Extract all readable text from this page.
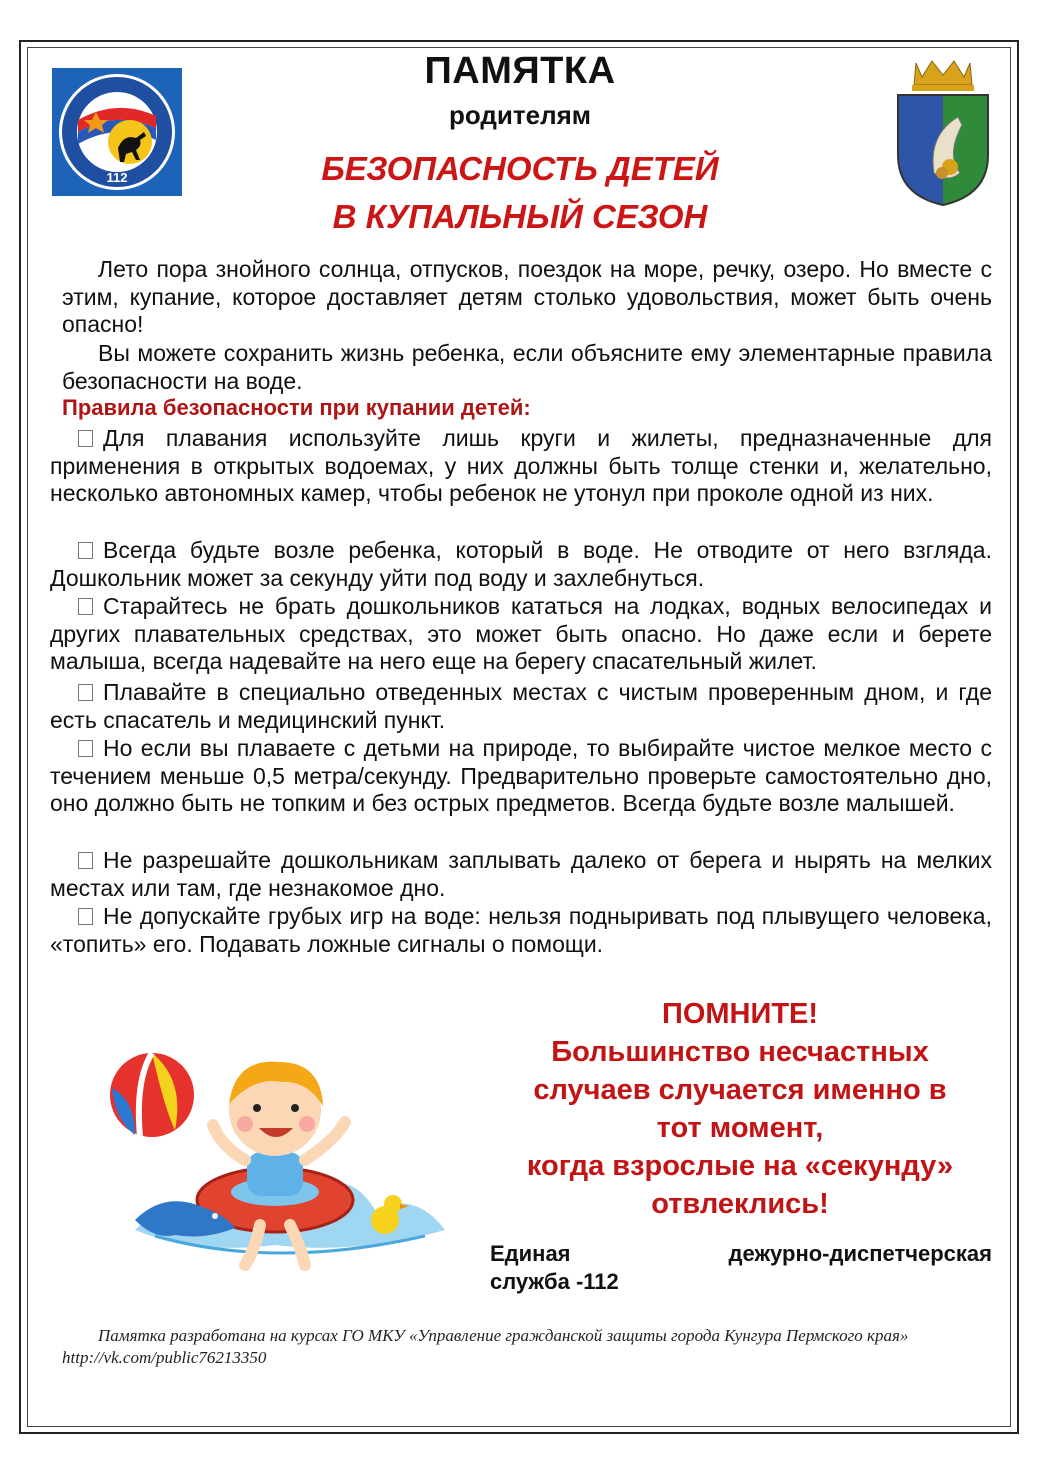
112
ПАМЯТКА
родителям
БЕЗОПАСНОСТЬ ДЕТЕЙ
В КУПАЛЬНЫЙ СЕЗОН
Лето пора знойного солнца, отпусков, поездок на море, речку, озеро. Но вместе с этим, купание, которое доставляет детям столько удовольствия, может быть очень опасно!
Вы можете сохранить жизнь ребенка, если объясните ему элементарные правила безопасности на воде.
Правила безопасности при купании детей:
Для плавания используйте лишь круги и жилеты, предназначенные для применения в открытых водоемах, у них должны быть толще стенки и, желательно, несколько автономных камер, чтобы ребенок не утонул при проколе одной из них.
Всегда будьте возле ребенка, который в воде. Не отводите от него взгляда. Дошкольник может за секунду уйти под воду и захлебнуться.
Старайтесь не брать дошкольников кататься на лодках, водных велосипедах и других плавательных средствах, это может быть опасно. Но даже если и берете малыша, всегда надевайте на него еще на берегу спасательный жилет.
Плавайте в специально отведенных местах с чистым проверенным дном, и где есть спасатель и медицинский пункт.
Но если вы плаваете с детьми на природе, то выбирайте чистое мелкое место с течением меньше 0,5 метра/секунду. Предварительно проверьте самостоятельно дно, оно должно быть не топким и без острых предметов. Всегда будьте возле малышей.
Не разрешайте дошкольникам заплывать далеко от берега и нырять на мелких местах или там, где незнакомое дно.
Не допускайте грубых игр на воде: нельзя подныривать под плывущего человека, «топить» его. Подавать ложные сигналы о помощи.
ПОМНИТЕ!
Большинство несчастных
случаев случается именно в
тот момент,
когда взрослые на «секунду»
отвлеклись!
Единая	дежурно-диспетчерская
служба -112
Памятка разработана на курсах ГО МКУ «Управление гражданской защиты города Кунгура Пермского края» http://vk.com/public76213350
